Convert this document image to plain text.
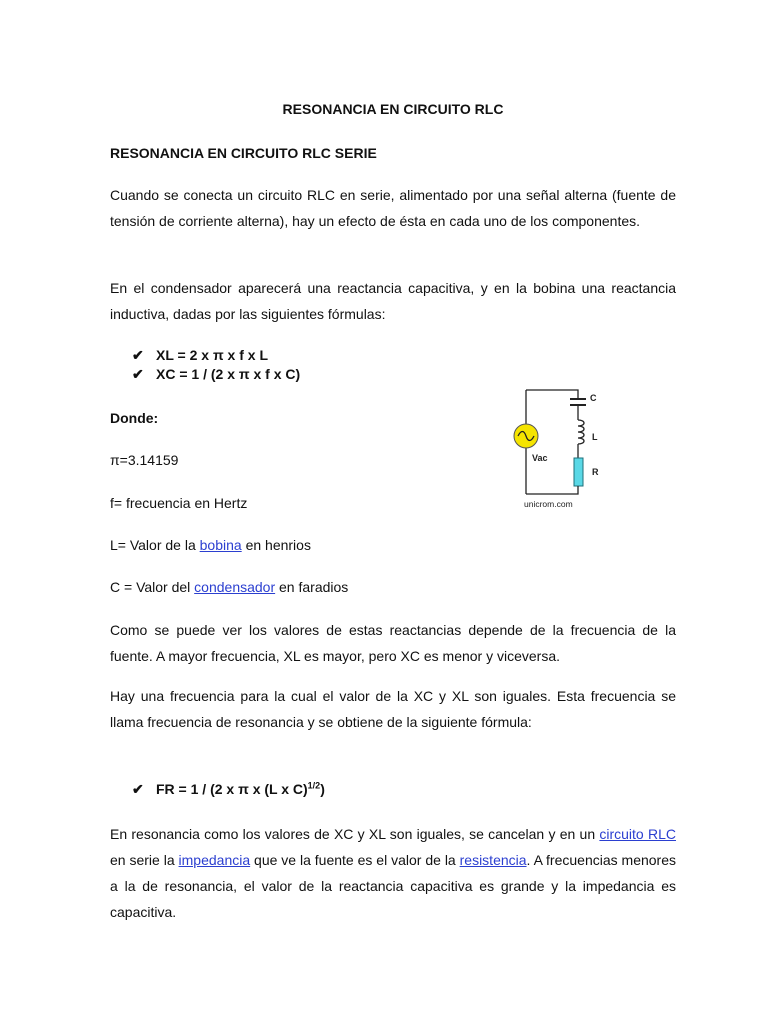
RESONANCIA EN CIRCUITO RLC
RESONANCIA EN CIRCUITO RLC SERIE
Cuando se conecta un circuito RLC en serie, alimentado por una señal alterna (fuente de tensión de corriente alterna), hay un efecto de ésta en cada uno de los componentes.
En el condensador aparecerá una reactancia capacitiva, y en la bobina una reactancia inductiva, dadas por las siguientes fórmulas:
✔ XL = 2 x π x f x L
✔ XC = 1 / (2 x π x f x C)
Donde:
π=3.14159
f= frecuencia en Hertz
L= Valor de la bobina en henrios
C = Valor del condensador en faradios
Como se puede ver los valores de estas reactancias depende de la frecuencia de la fuente. A mayor frecuencia, XL es mayor, pero XC es menor y viceversa.
Hay una frecuencia para la cual el valor de la XC y XL son iguales. Esta frecuencia se llama frecuencia de resonancia y se obtiene de la siguiente fórmula:
✔ FR = 1 / (2 x π x (L x C)$^{1/2}$)
En resonancia como los valores de XC y XL son iguales, se cancelan y en un circuito RLC en serie la impedancia que ve la fuente es el valor de la resistencia. A frecuencias menores a la de resonancia, el valor de la reactancia capacitiva es grande y la impedancia es capacitiva.
C
L
R
Vac
unicrom.com
